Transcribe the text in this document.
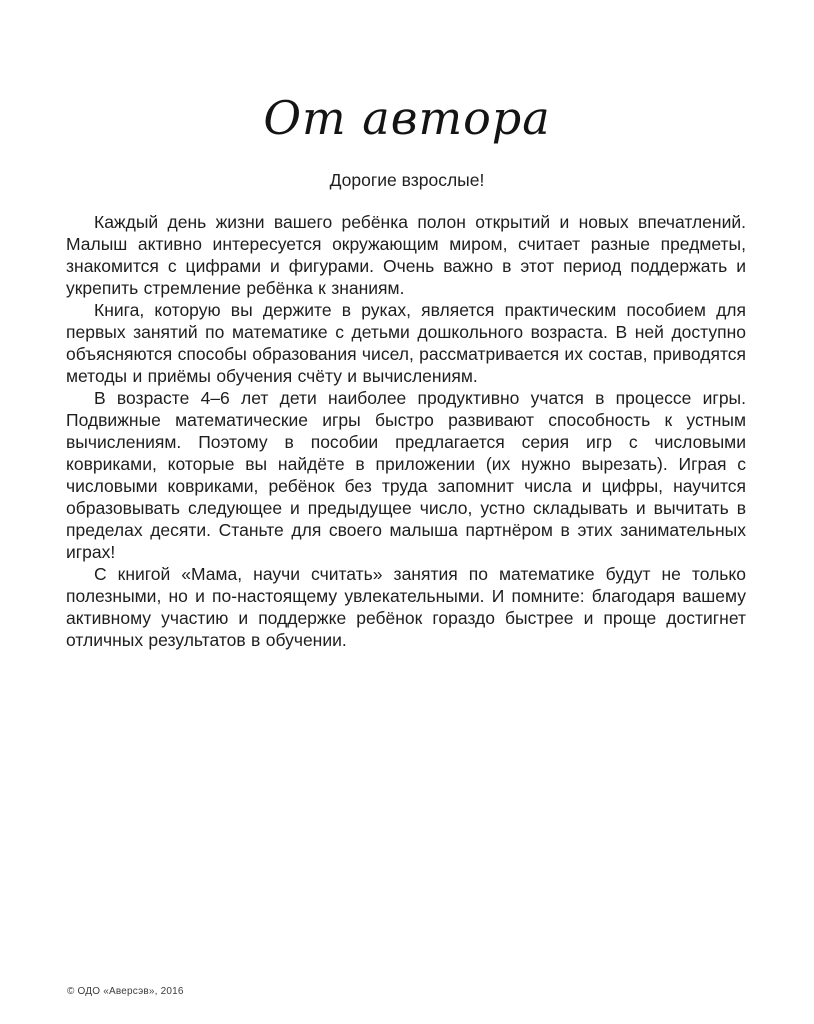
От автора

Дорогие взрослые!

Каждый день жизни вашего ребёнка полон открытий и новых впечатлений. Малыш активно интересуется окружающим миром, считает разные предметы, знакомится с цифрами и фигурами. Очень важно в этот период поддержать и укрепить стремление ребёнка к знаниям.

Книга, которую вы держите в руках, является практическим пособием для первых занятий по математике с детьми дошкольного возраста. В ней доступно объясняются способы образования чисел, рассматривается их состав, приводятся методы и приёмы обучения счёту и вычислениям.

В возрасте 4–6 лет дети наиболее продуктивно учатся в процессе игры. Подвижные математические игры быстро развивают способность к устным вычислениям. Поэтому в пособии предлагается серия игр с числовыми ковриками, которые вы найдёте в приложении (их нужно вырезать). Играя с числовыми ковриками, ребёнок без труда запомнит числа и цифры, научится образовывать следующее и предыдущее число, устно складывать и вычитать в пределах десяти. Станьте для своего малыша партнёром в этих занимательных играх!

С книгой «Мама, научи считать» занятия по математике будут не только полезными, но и по-настоящему увлекательными. И помните: благодаря вашему активному участию и поддержке ребёнок гораздо быстрее и проще достигнет отличных результатов в обучении.

© ОДО «Аверсэв», 2016
